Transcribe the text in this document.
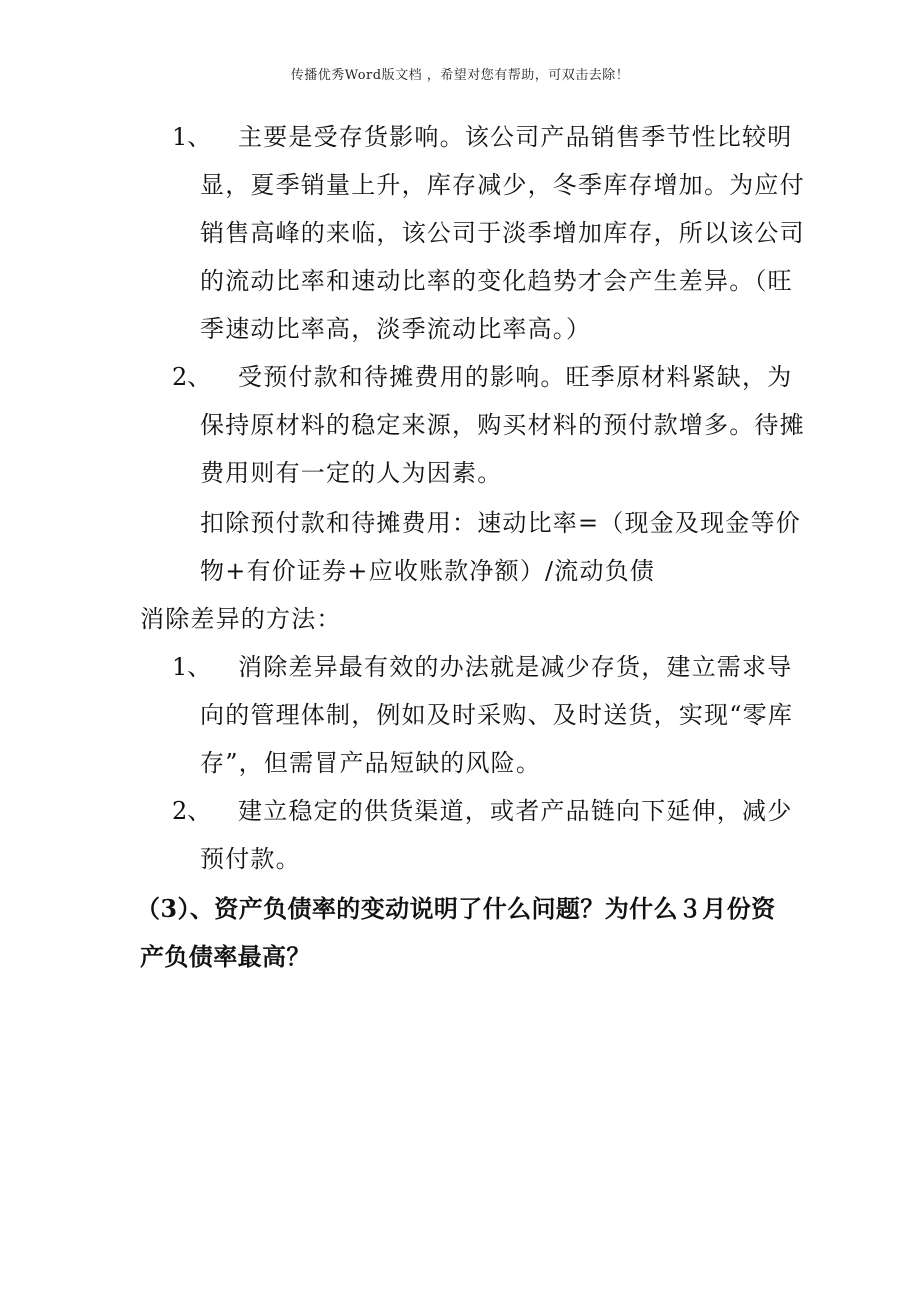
传播优秀Word版文档 ，希望对您有帮助，可双击去除！
1、 主要是受存货影响。该公司产品销售季节性比较明
显，夏季销量上升，库存减少，冬季库存增加。为应付
销售高峰的来临，该公司于淡季增加库存，所以该公司
的流动比率和速动比率的变化趋势才会产生差异。（旺
季速动比率高，淡季流动比率高。）
2、 受预付款和待摊费用的影响。旺季原材料紧缺，为
保持原材料的稳定来源，购买材料的预付款增多。待摊
费用则有一定的人为因素。
扣除预付款和待摊费用：速动比率=（现金及现金等价
物+有价证券+应收账款净额）/流动负债
消除差异的方法：
1、 消除差异最有效的办法就是减少存货，建立需求导
向的管理体制，例如及时采购、及时送货，实现“零库
存”，但需冒产品短缺的风险。
2、 建立稳定的供货渠道，或者产品链向下延伸，减少
预付款。
（3）、资产负债率的变动说明了什么问题？为什么３月份资
产负债率最高？
